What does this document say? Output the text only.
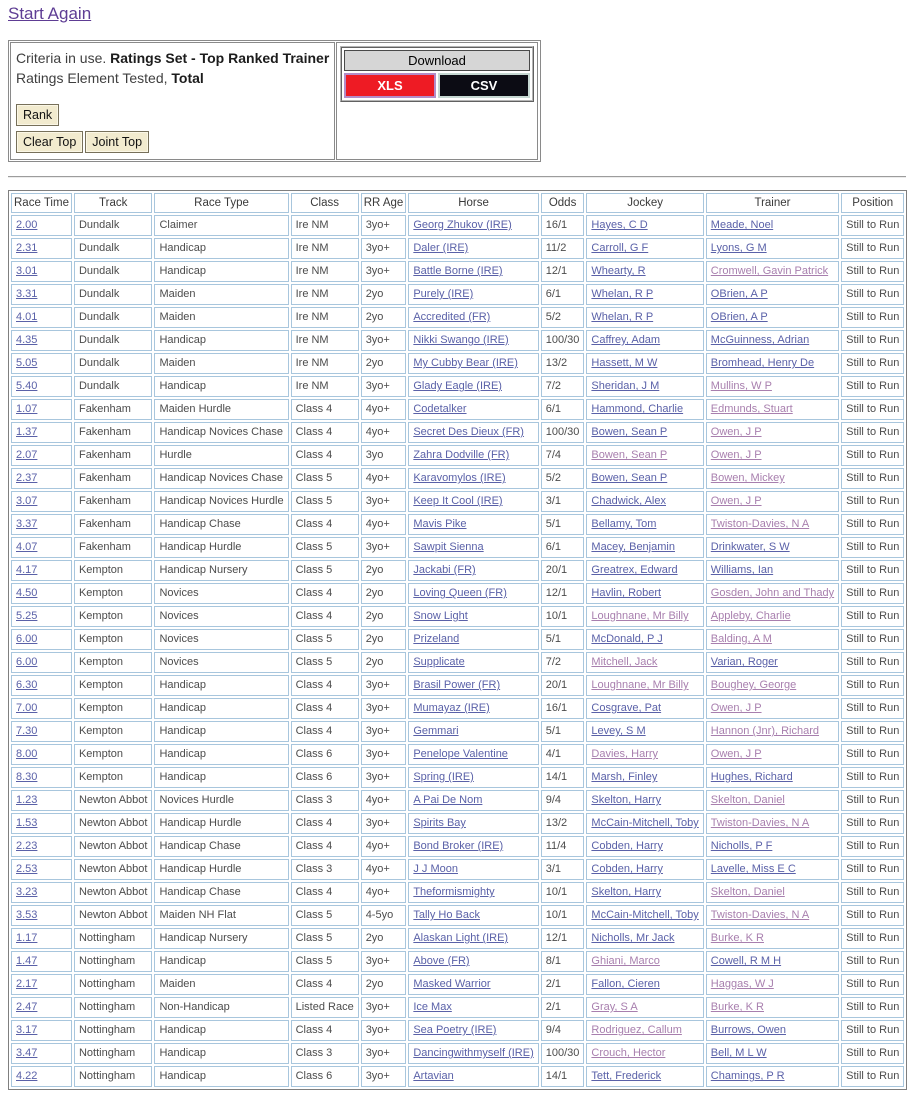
Start Again
Criteria in use. Ratings Set - Top Ranked Trainer
Ratings Element Tested, Total
Rank
Clear Top	Joint Top
Download
XLS	CSV
Race Time	Track	Race Type	Class	RR Age	Horse	Odds	Jockey	Trainer	Position
2.00	Dundalk	Claimer	Ire NM	3yo+	Georg Zhukov (IRE)	16/1	Hayes, C D	Meade, Noel	Still to Run
2.31	Dundalk	Handicap	Ire NM	3yo+	Daler (IRE)	11/2	Carroll, G F	Lyons, G M	Still to Run
3.01	Dundalk	Handicap	Ire NM	3yo+	Battle Borne (IRE)	12/1	Whearty, R	Cromwell, Gavin Patrick	Still to Run
3.31	Dundalk	Maiden	Ire NM	2yo	Purely (IRE)	6/1	Whelan, R P	OBrien, A P	Still to Run
4.01	Dundalk	Maiden	Ire NM	2yo	Accredited (FR)	5/2	Whelan, R P	OBrien, A P	Still to Run
4.35	Dundalk	Handicap	Ire NM	3yo+	Nikki Swango (IRE)	100/30	Caffrey, Adam	McGuinness, Adrian	Still to Run
5.05	Dundalk	Maiden	Ire NM	2yo	My Cubby Bear (IRE)	13/2	Hassett, M W	Bromhead, Henry De	Still to Run
5.40	Dundalk	Handicap	Ire NM	3yo+	Glady Eagle (IRE)	7/2	Sheridan, J M	Mullins, W P	Still to Run
1.07	Fakenham	Maiden Hurdle	Class 4	4yo+	Codetalker	6/1	Hammond, Charlie	Edmunds, Stuart	Still to Run
1.37	Fakenham	Handicap Novices Chase	Class 4	4yo+	Secret Des Dieux (FR)	100/30	Bowen, Sean P	Owen, J P	Still to Run
2.07	Fakenham	Hurdle	Class 4	3yo	Zahra Dodville (FR)	7/4	Bowen, Sean P	Owen, J P	Still to Run
2.37	Fakenham	Handicap Novices Chase	Class 5	4yo+	Karavomylos (IRE)	5/2	Bowen, Sean P	Bowen, Mickey	Still to Run
3.07	Fakenham	Handicap Novices Hurdle	Class 5	3yo+	Keep It Cool (IRE)	3/1	Chadwick, Alex	Owen, J P	Still to Run
3.37	Fakenham	Handicap Chase	Class 4	4yo+	Mavis Pike	5/1	Bellamy, Tom	Twiston-Davies, N A	Still to Run
4.07	Fakenham	Handicap Hurdle	Class 5	3yo+	Sawpit Sienna	6/1	Macey, Benjamin	Drinkwater, S W	Still to Run
4.17	Kempton	Handicap Nursery	Class 5	2yo	Jackabi (FR)	20/1	Greatrex, Edward	Williams, Ian	Still to Run
4.50	Kempton	Novices	Class 4	2yo	Loving Queen (FR)	12/1	Havlin, Robert	Gosden, John and Thady	Still to Run
5.25	Kempton	Novices	Class 4	2yo	Snow Light	10/1	Loughnane, Mr Billy	Appleby, Charlie	Still to Run
6.00	Kempton	Novices	Class 5	2yo	Prizeland	5/1	McDonald, P J	Balding, A M	Still to Run
6.00	Kempton	Novices	Class 5	2yo	Supplicate	7/2	Mitchell, Jack	Varian, Roger	Still to Run
6.30	Kempton	Handicap	Class 4	3yo+	Brasil Power (FR)	20/1	Loughnane, Mr Billy	Boughey, George	Still to Run
7.00	Kempton	Handicap	Class 4	3yo+	Mumayaz (IRE)	16/1	Cosgrave, Pat	Owen, J P	Still to Run
7.30	Kempton	Handicap	Class 4	3yo+	Gemmari	5/1	Levey, S M	Hannon (Jnr), Richard	Still to Run
8.00	Kempton	Handicap	Class 6	3yo+	Penelope Valentine	4/1	Davies, Harry	Owen, J P	Still to Run
8.30	Kempton	Handicap	Class 6	3yo+	Spring (IRE)	14/1	Marsh, Finley	Hughes, Richard	Still to Run
1.23	Newton Abbot	Novices Hurdle	Class 3	4yo+	A Pai De Nom	9/4	Skelton, Harry	Skelton, Daniel	Still to Run
1.53	Newton Abbot	Handicap Hurdle	Class 4	3yo+	Spirits Bay	13/2	McCain-Mitchell, Toby	Twiston-Davies, N A	Still to Run
2.23	Newton Abbot	Handicap Chase	Class 4	4yo+	Bond Broker (IRE)	11/4	Cobden, Harry	Nicholls, P F	Still to Run
2.53	Newton Abbot	Handicap Hurdle	Class 3	4yo+	J J Moon	3/1	Cobden, Harry	Lavelle, Miss E C	Still to Run
3.23	Newton Abbot	Handicap Chase	Class 4	4yo+	Theformismighty	10/1	Skelton, Harry	Skelton, Daniel	Still to Run
3.53	Newton Abbot	Maiden NH Flat	Class 5	4-5yo	Tally Ho Back	10/1	McCain-Mitchell, Toby	Twiston-Davies, N A	Still to Run
1.17	Nottingham	Handicap Nursery	Class 5	2yo	Alaskan Light (IRE)	12/1	Nicholls, Mr Jack	Burke, K R	Still to Run
1.47	Nottingham	Handicap	Class 5	3yo+	Above (FR)	8/1	Ghiani, Marco	Cowell, R M H	Still to Run
2.17	Nottingham	Maiden	Class 4	2yo	Masked Warrior	2/1	Fallon, Cieren	Haggas, W J	Still to Run
2.47	Nottingham	Non-Handicap	Listed Race	3yo+	Ice Max	2/1	Gray, S A	Burke, K R	Still to Run
3.17	Nottingham	Handicap	Class 4	3yo+	Sea Poetry (IRE)	9/4	Rodriguez, Callum	Burrows, Owen	Still to Run
3.47	Nottingham	Handicap	Class 3	3yo+	Dancingwithmyself (IRE)	100/30	Crouch, Hector	Bell, M L W	Still to Run
4.22	Nottingham	Handicap	Class 6	3yo+	Artavian	14/1	Tett, Frederick	Chamings, P R	Still to Run
